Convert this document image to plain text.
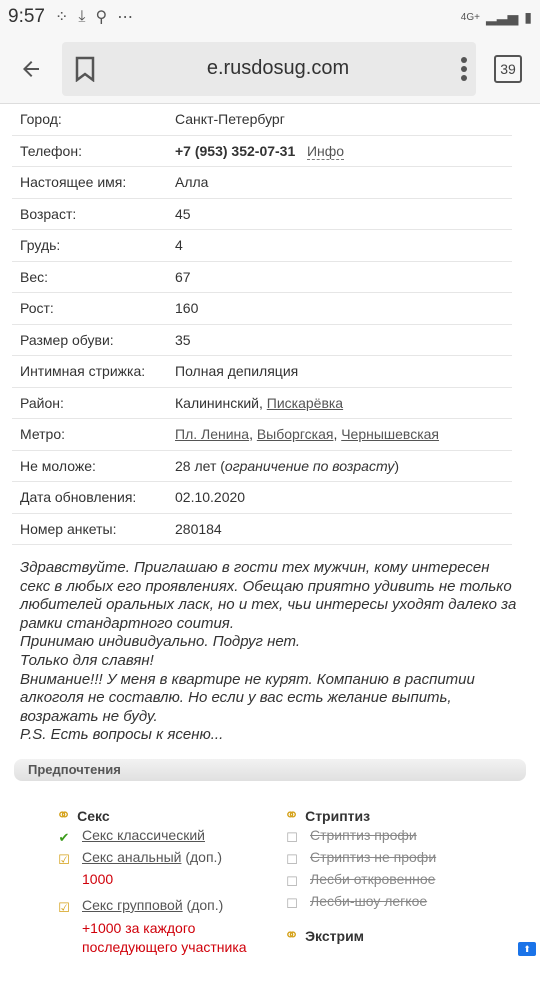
9:57 ⁘ ⤓ ⚲ ⋯	4G+ ▂▃▅ ▮
e.rusdosug.com	39
Город:	Санкт-Петербург
Телефон:	+7 (953) 352-07-31 Инфо
Настоящее имя:	Алла
Возраст:	45
Грудь:	4
Вес:	67
Рост:	160
Размер обуви:	35
Интимная стрижка:	Полная депиляция
Район:	Калининский, Пискарёвка
Метро:	Пл. Ленина, Выборгская, Чернышевская
Не моложе:	28 лет (ограничение по возрасту)
Дата обновления:	02.10.2020
Номер анкеты:	280184
Здравствуйте. Приглашаю в гости тех мужчин, кому интересен секс в любых его проявлениях. Обещаю приятно удивить не только любителей оральных ласк, но и тех, чьи интересы уходят далеко за рамки стандартного соития.
Принимаю индивидуально. Подруг нет.
Только для славян!
Внимание!!! У меня в квартире не курят. Компанию в распитии алкоголя не составлю. Но если у вас есть желание выпить, возражать не буду.
P.S. Есть вопросы к ясеню...
Предпочтения
⚭ Секс
✔ Секс классический
☑ Секс анальный (доп.)
1000
☑ Секс групповой (доп.)
+1000 за каждого последующего участника
⚭ Стриптиз
☐ Стриптиз профи
☐ Стриптиз не профи
☐ Лесби откровенное
☐ Лесби-шоу легкое
⚭ Экстрим
⬆
